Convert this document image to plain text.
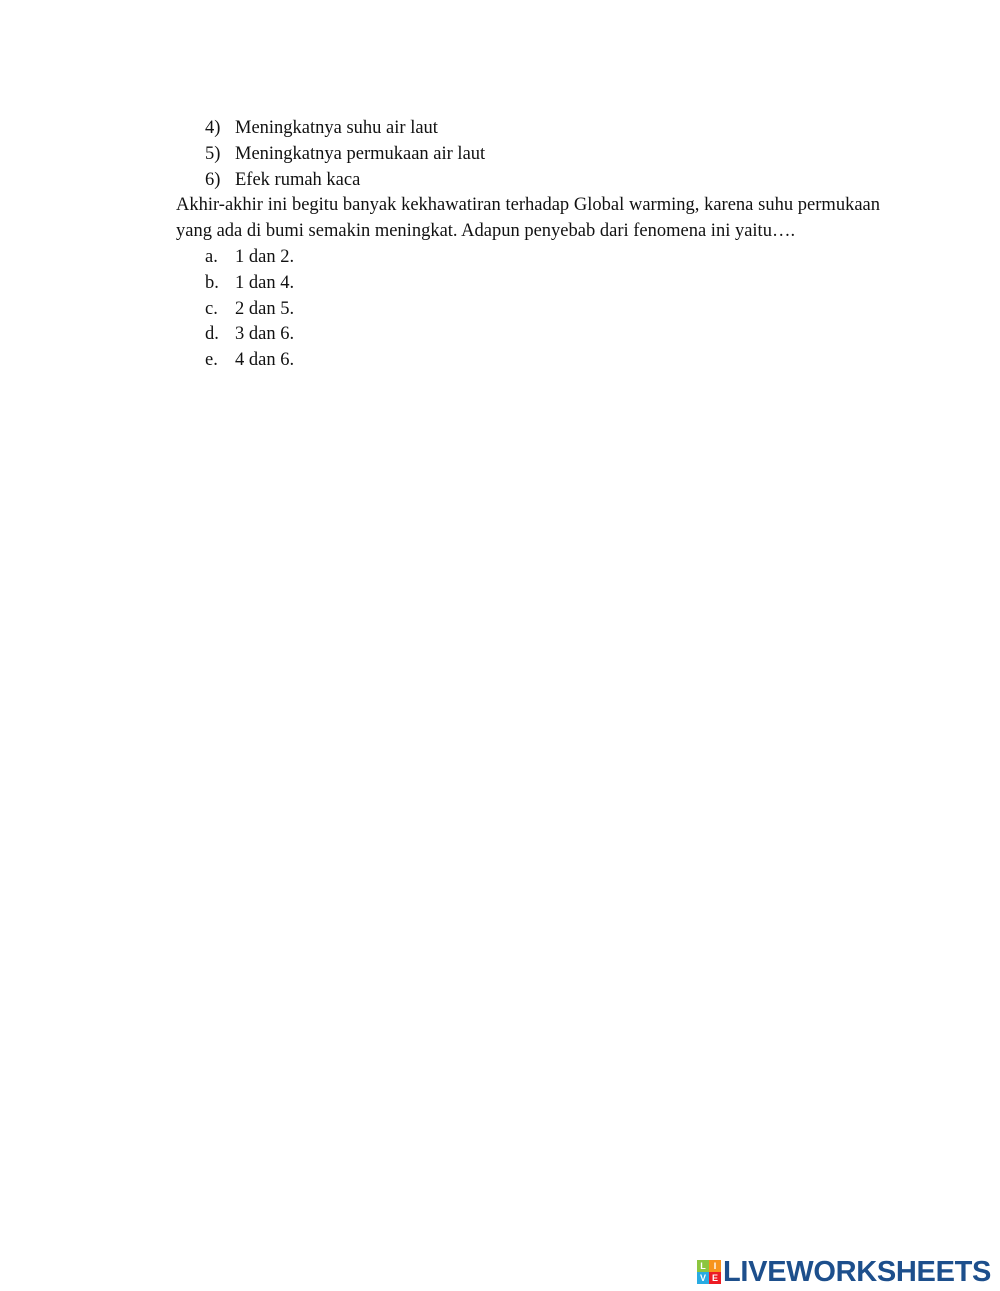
4) Meningkatnya suhu air laut
5) Meningkatnya permukaan air laut
6) Efek rumah kaca

Akhir-akhir ini begitu banyak kekhawatiran terhadap Global warming, karena suhu permukaan yang ada di bumi semakin meningkat. Adapun penyebab dari fenomena ini yaitu….

a. 1 dan 2.
b. 1 dan 4.
c. 2 dan 5.
d. 3 dan 6.
e. 4 dan 6.
L I
V E LIVEWORKSHEETS
